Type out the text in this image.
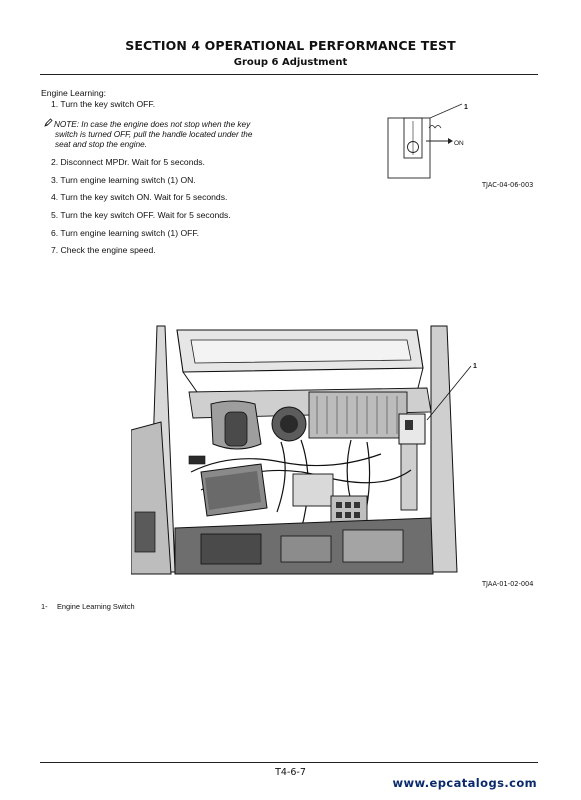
SECTION 4 OPERATIONAL PERFORMANCE TEST
Group 6 Adjustment
Engine Learning:
1. Turn the key switch OFF.
NOTE: In case the engine does not stop when the key
switch is turned OFF, pull the handle located under the
seat and stop the engine.
2. Disconnect MPDr. Wait for 5 seconds.
3. Turn engine learning switch (1) ON.
4. Turn the key switch ON. Wait for 5 seconds.
5. Turn the key switch OFF. Wait for 5 seconds.
6. Turn engine learning switch (1) OFF.
7. Check the engine speed.
1
ON
TJAC-04-06-003
1
TJAA-01-02-004
1- Engine Learning Switch
T4-6-7
www.epcatalogs.com
